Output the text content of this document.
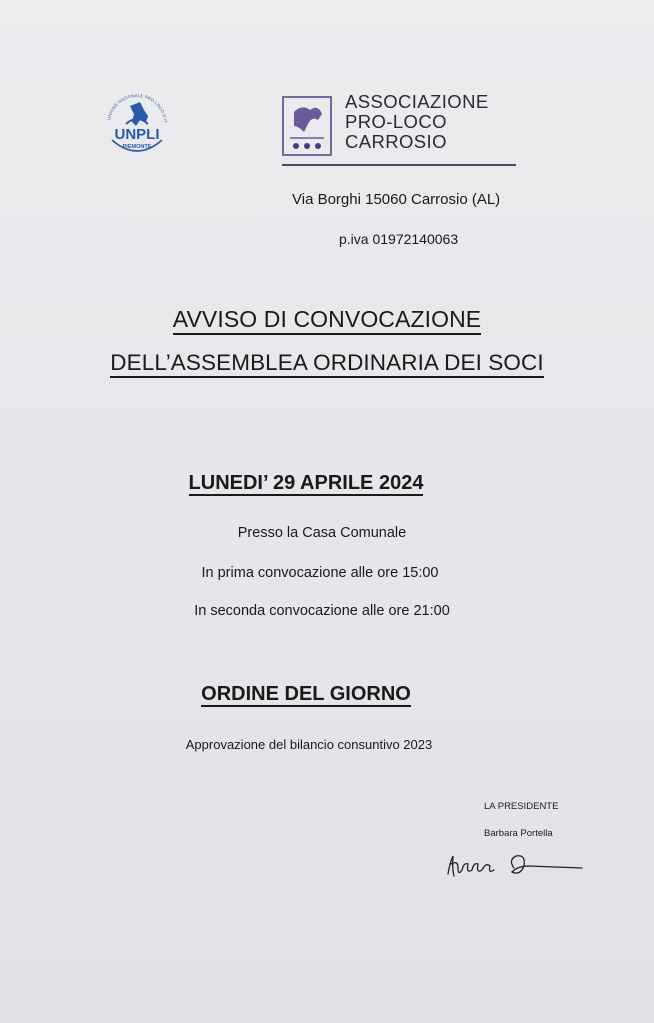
UNIONE NAZIONALE PRO LOCO D'IT
UNPLI
PIEMONTE
ASSOCIAZIONE
PRO-LOCO
CARROSIO
Via Borghi 15060 Carrosio (AL)
p.iva 01972140063
AVVISO DI CONVOCAZIONE
DELL’ASSEMBLEA ORDINARIA DEI SOCI
LUNEDI’ 29 APRILE 2024
Presso la Casa Comunale
In prima convocazione alle ore 15:00
In seconda convocazione alle ore 21:00
ORDINE DEL GIORNO
Approvazione del bilancio consuntivo 2023
LA PRESIDENTE
Barbara Portella
